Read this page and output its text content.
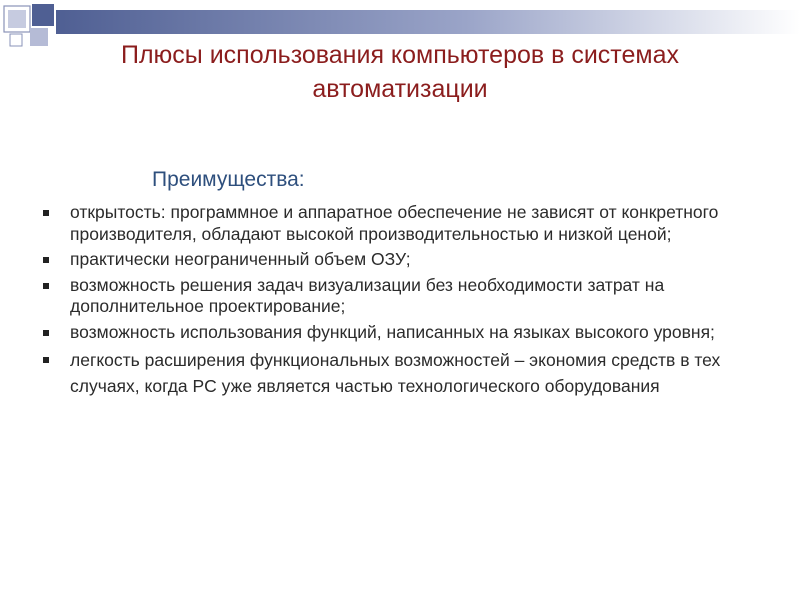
Плюсы использования компьютеров в системах
автоматизации
Преимущества:
открытость: программное и аппаратное обеспечение не зависят от конкретного производителя, обладают высокой производительностью и низкой ценой;
практически неограниченный объем ОЗУ;
возможность решения задач визуализации без необходимости затрат на дополнительное проектирование;
возможность использования функций, написанных на языках высокого уровня;
легкость расширения функциональных возможностей – экономия средств в тех случаях, когда PC уже является частью технологического оборудования
